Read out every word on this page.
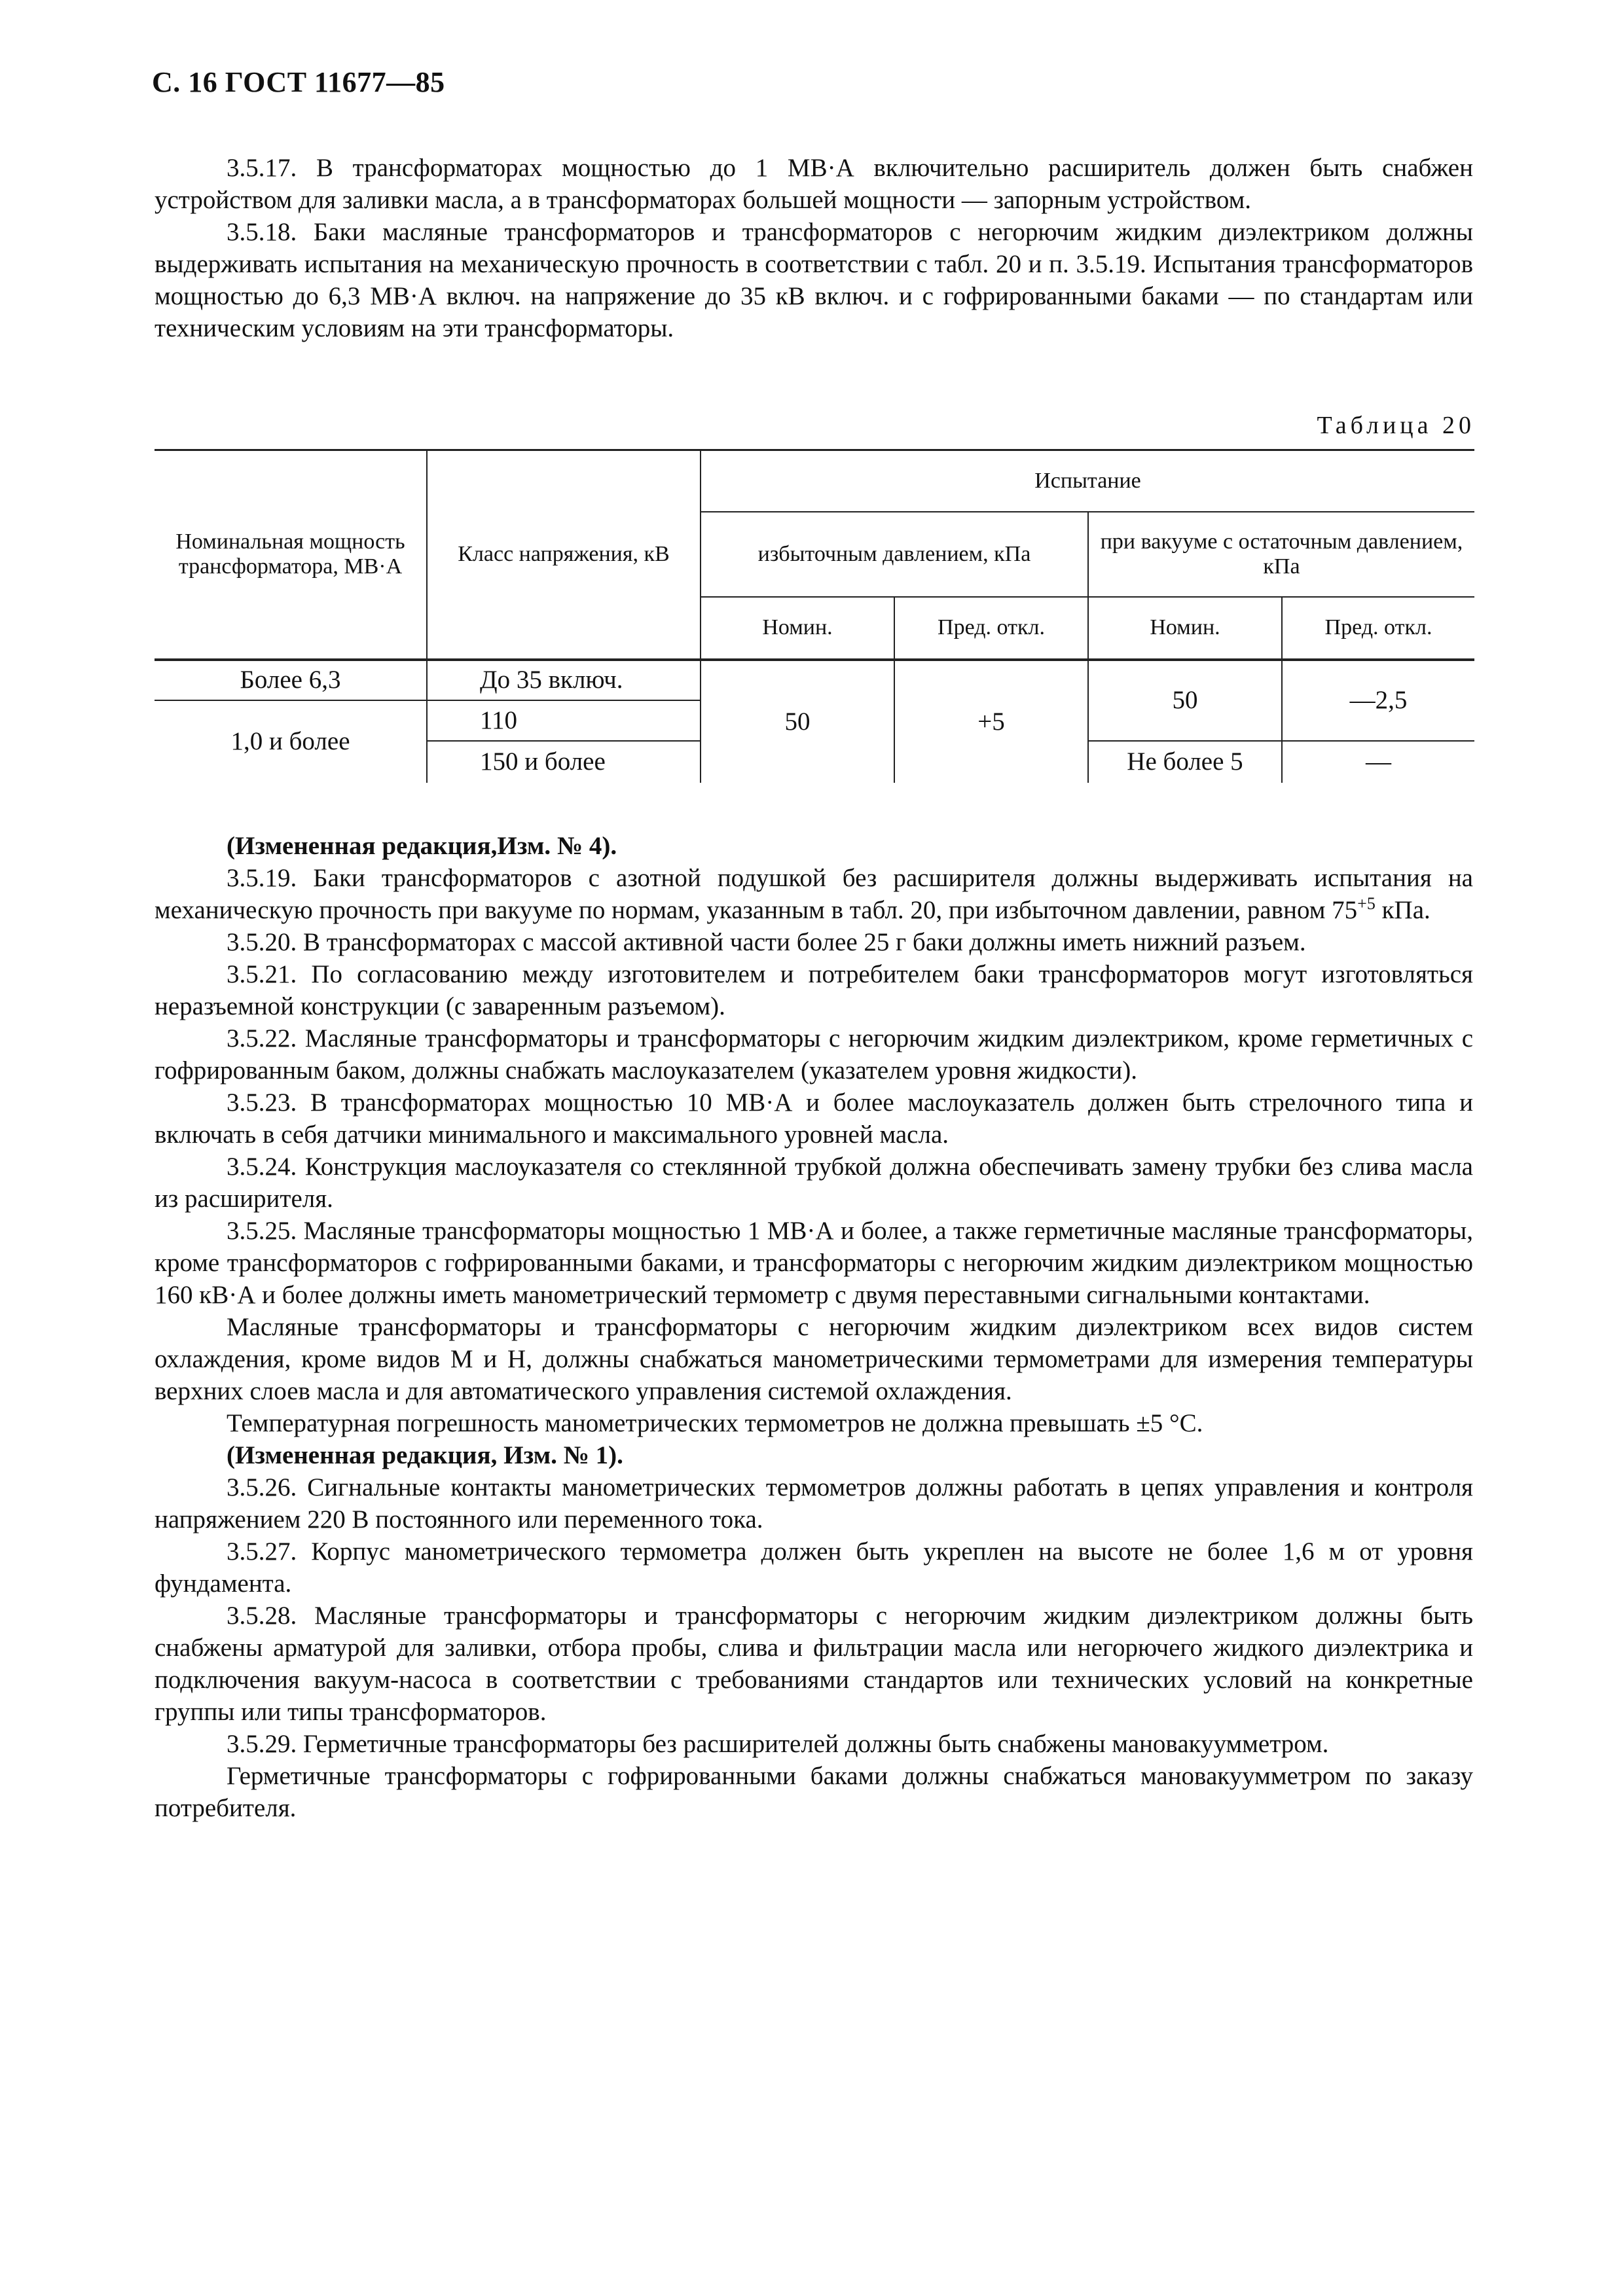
С. 16 ГОСТ 11677—85

3.5.17. В трансформаторах мощностью до 1 МВ·А включительно расширитель должен быть снабжен устройством для заливки масла, а в трансформаторах большей мощности — запорным устройством.

3.5.18. Баки масляные трансформаторов и трансформаторов с негорючим жидким диэлектриком должны выдерживать испытания на механическую прочность в соответствии с табл. 20 и п. 3.5.19. Испытания трансформаторов мощностью до 6,3 МВ·А включ. на напряжение до 35 кВ включ. и с гофрированными баками — по стандартам или техническим условиям на эти трансформаторы.

Таблица 20
Номинальная мощность трансформатора, МВ·А	Класс напряжения, кВ	Испытание			
		избыточным давлением, кПа		при вакууме с остаточным давлением, кПа	
		Номин.	Пред. откл.	Номин.	Пред. откл.
Более 6,3	До 35 включ.	50	+5	50	—2,5
1,0 и более	110				
	150 и более			Не более 5	—

(Измененная редакция,Изм. № 4).

3.5.19. Баки трансформаторов с азотной подушкой без расширителя должны выдерживать испытания на механическую прочность при вакууме по нормам, указанным в табл. 20, при избыточном давлении, равном $75^{+5}$ кПа.

3.5.20. В трансформаторах с массой активной части более 25 г баки должны иметь нижний разъем.

3.5.21. По согласованию между изготовителем и потребителем баки трансформаторов могут изготовляться неразъемной конструкции (с заваренным разъемом).

3.5.22. Масляные трансформаторы и трансформаторы с негорючим жидким диэлектриком, кроме герметичных с гофрированным баком, должны снабжать маслоуказателем (указателем уровня жидкости).

3.5.23. В трансформаторах мощностью 10 МВ·А и более маслоуказатель должен быть стрелочного типа и включать в себя датчики минимального и максимального уровней масла.

3.5.24. Конструкция маслоуказателя со стеклянной трубкой должна обеспечивать замену трубки без слива масла из расширителя.

3.5.25. Масляные трансформаторы мощностью 1 МВ·А и более, а также герметичные масляные трансформаторы, кроме трансформаторов с гофрированными баками, и трансформаторы с негорючим жидким диэлектриком мощностью 160 кВ·А и более должны иметь манометрический термометр с двумя переставными сигнальными контактами.

Масляные трансформаторы и трансформаторы с негорючим жидким диэлектриком всех видов систем охлаждения, кроме видов М и Н, должны снабжаться манометрическими термометрами для измерения температуры верхних слоев масла и для автоматического управления системой охлаждения.

Температурная погрешность манометрических термометров не должна превышать ±5 °С.

(Измененная редакция, Изм. № 1).

3.5.26. Сигнальные контакты манометрических термометров должны работать в цепях управления и контроля напряжением 220 В постоянного или переменного тока.

3.5.27. Корпус манометрического термометра должен быть укреплен на высоте не более 1,6 м от уровня фундамента.

3.5.28. Масляные трансформаторы и трансформаторы с негорючим жидким диэлектриком должны быть снабжены арматурой для заливки, отбора пробы, слива и фильтрации масла или негорючего жидкого диэлектрика и подключения вакуум-насоса в соответствии с требованиями стандартов или технических условий на конкретные группы или типы трансформаторов.

3.5.29. Герметичные трансформаторы без расширителей должны быть снабжены мановакуумметром.

Герметичные трансформаторы с гофрированными баками должны снабжаться мановакуумметром по заказу потребителя.
